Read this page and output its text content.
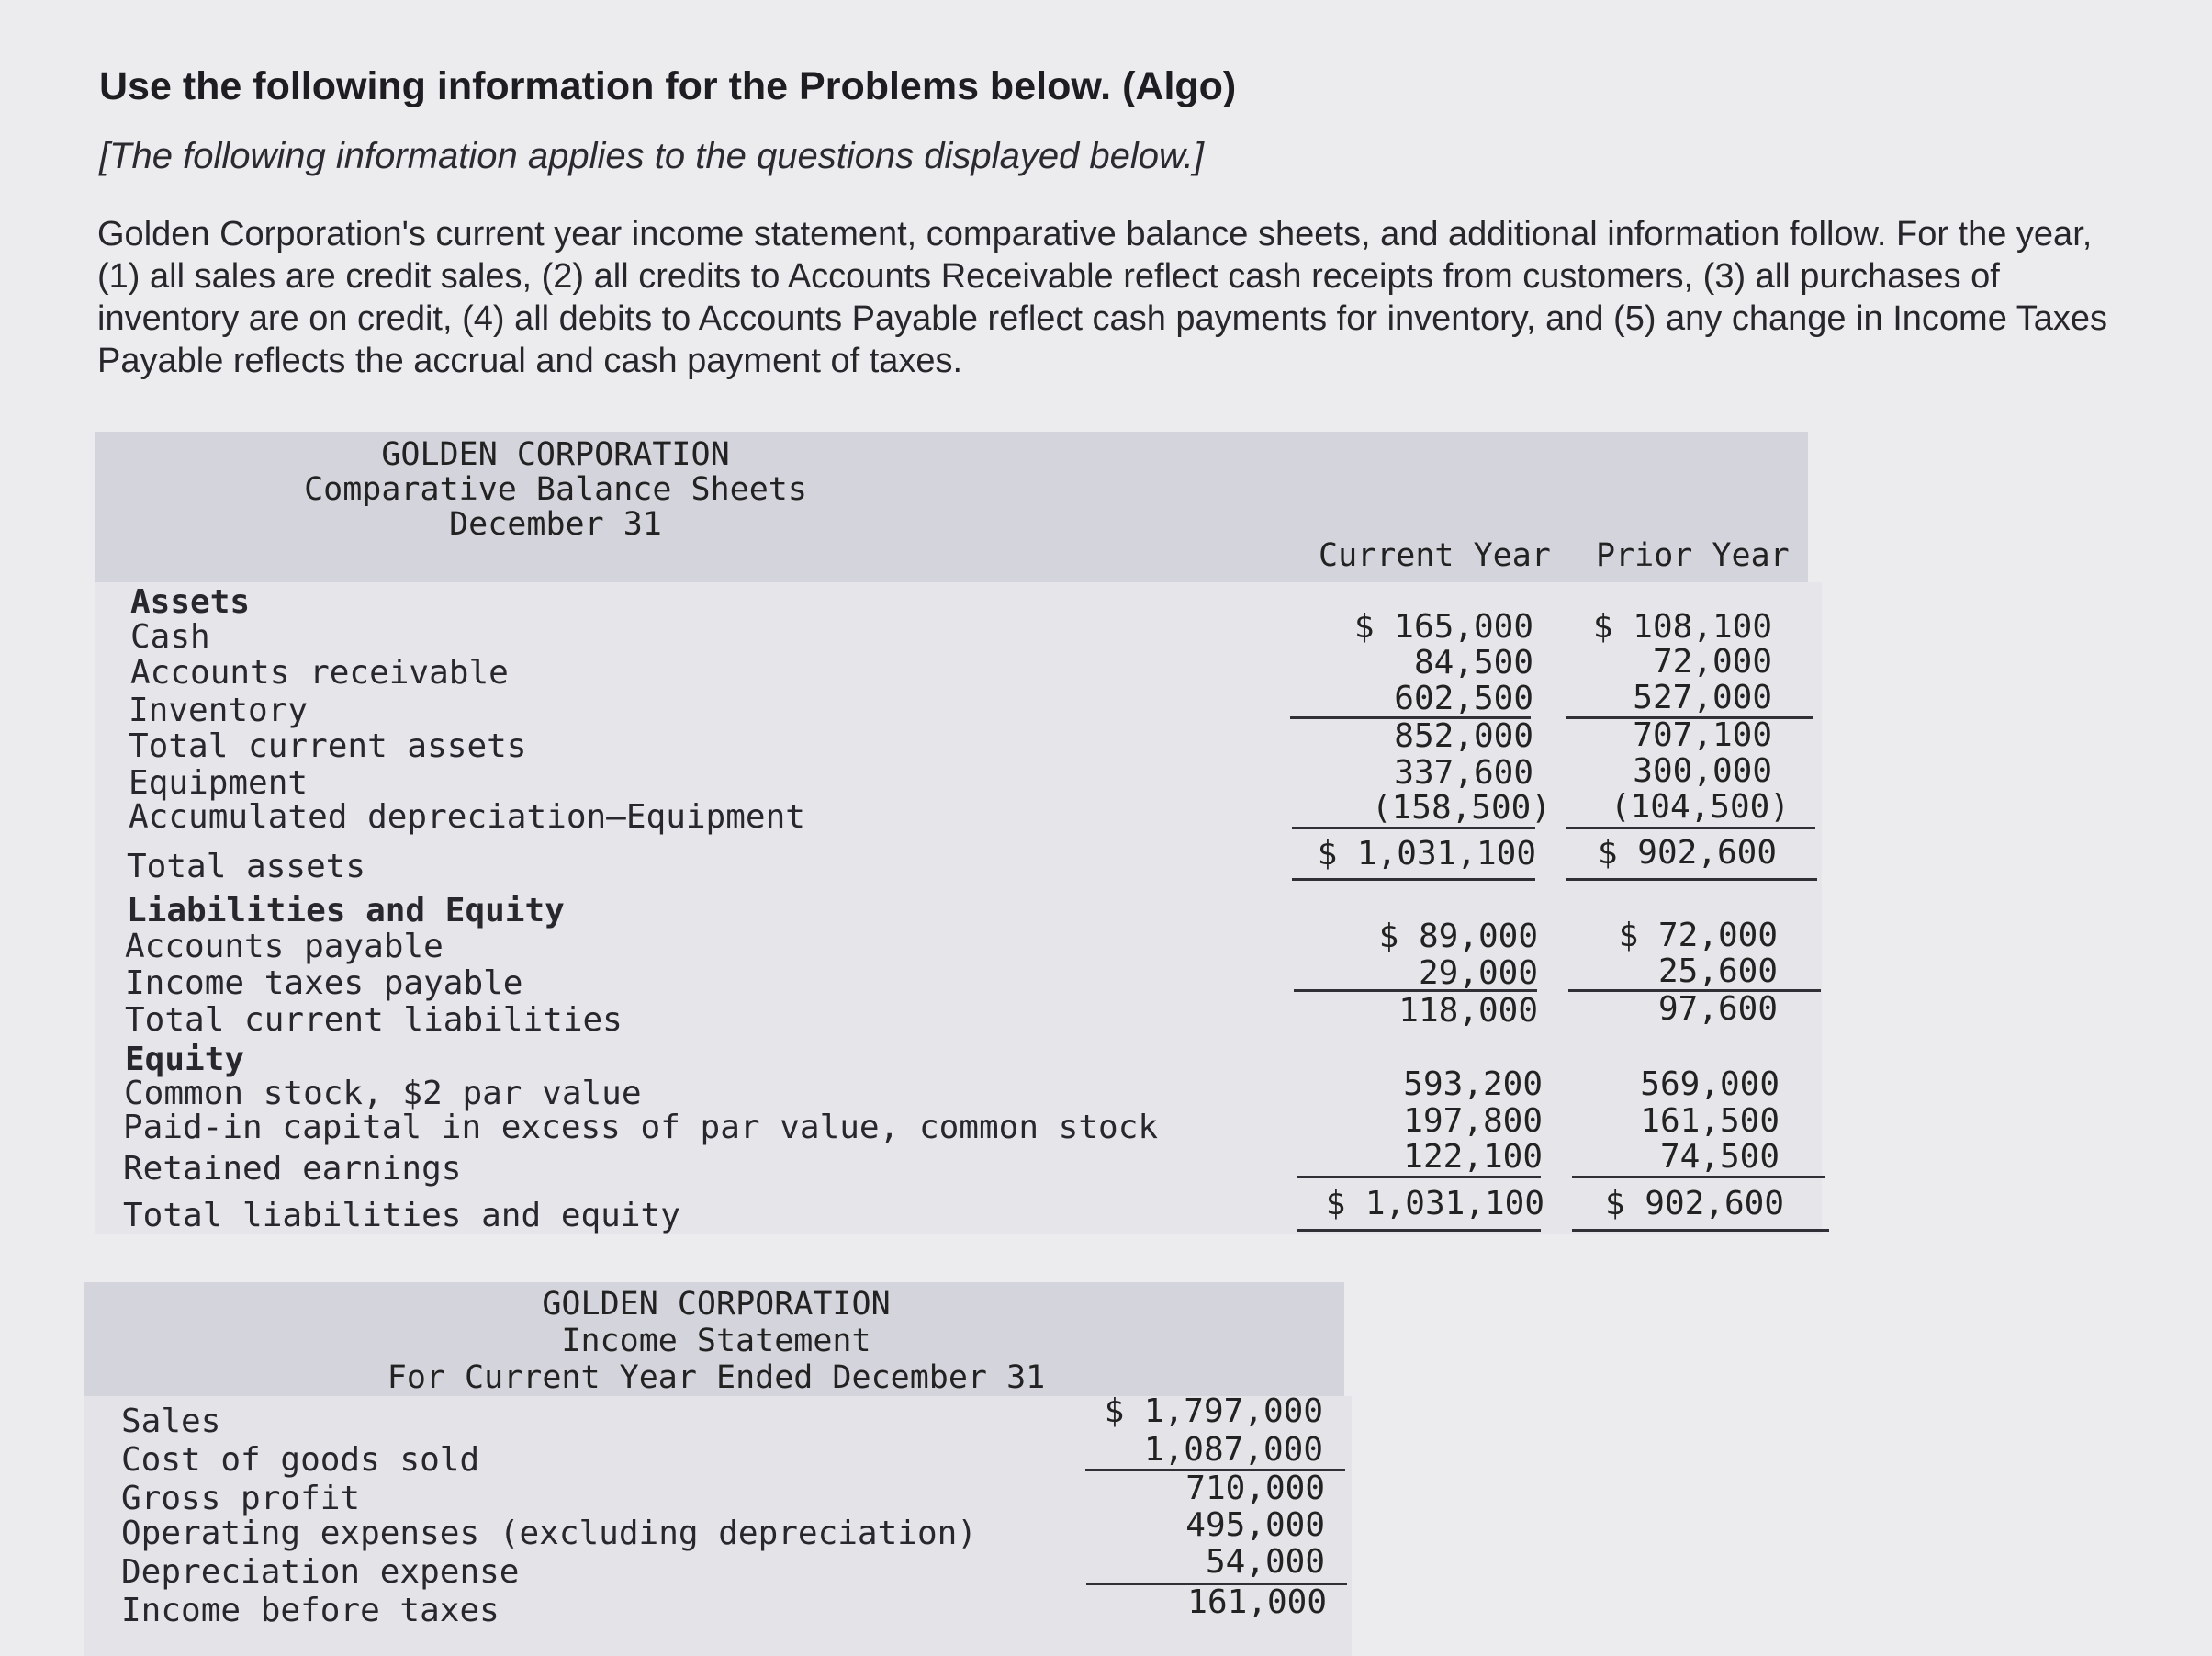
Use the following information for the Problems below. (Algo)
[The following information applies to the questions displayed below.]

Golden Corporation's current year income statement, comparative balance sheets, and additional information follow. For the year, (1) all sales are credit sales, (2) all credits to Accounts Receivable reflect cash receipts from customers, (3) all purchases of inventory are on credit, (4) all debits to Accounts Payable reflect cash payments for inventory, and (5) any change in Income Taxes Payable reflects the accrual and cash payment of taxes.

GOLDEN CORPORATION
Comparative Balance Sheets
December 31
Current Year Prior Year
Assets
Cash
Accounts receivable
Inventory
Total current assets
Equipment
Accumulated depreciation—Equipment
Total assets
Liabilities and Equity
Accounts payable
Income taxes payable
Total current liabilities
Equity
Common stock, $2 par value
Paid-in capital in excess of par value, common stock
Retained earnings
Total liabilities and equity
$ 165,000
84,500
602,500
852,000
337,600
(158,500)
$ 1,031,100
$ 89,000
29,000
118,000
593,200
197,800
122,100
$ 1,031,100
$ 108,100
72,000
527,000
707,100
300,000
(104,500)
$ 902,600
$ 72,000
25,600
97,600
569,000
161,500
74,500
$ 902,600
GOLDEN CORPORATION
Income Statement
For Current Year Ended December 31
Sales
Cost of goods sold
Gross profit
Operating expenses (excluding depreciation)
Depreciation expense
Income before taxes
$ 1,797,000
1,087,000
710,000
495,000
54,000
161,000
